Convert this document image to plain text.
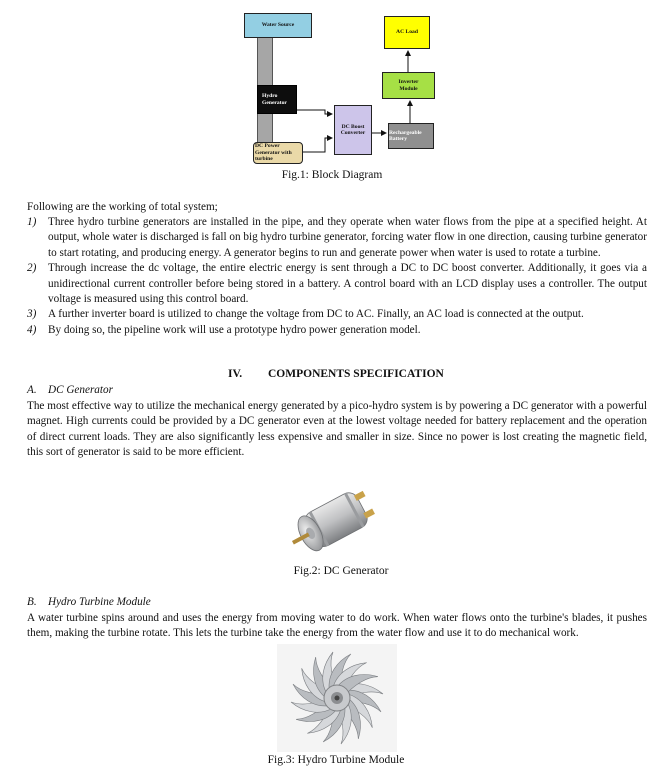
Water Source
Hydro Generator
DC Power Generator with turbine
DC Boost Converter
AC Load
Inverter Module
Rechargeable Battery
Fig.1: Block Diagram
Following are the working of total system;
1) Three hydro turbine generators are installed in the pipe, and they operate when water flows from the pipe at a specified height. At output, whole water is discharged is fall on big hydro turbine generator, forcing water flow in one direction, causing turbine generator to start rotating, and producing energy. A generator begins to run and generate power when water is used to rotate a turbine.
2) Through increase the dc voltage, the entire electric energy is sent through a DC to DC boost converter. Additionally, it goes via a unidirectional current controller before being stored in a battery. A control board with an LCD display uses a controller. The output voltage is measured using this control board.
3) A further inverter board is utilized to change the voltage from DC to AC. Finally, an AC load is connected at the output.
4) By doing so, the pipeline work will use a prototype hydro power generation model.
IV. COMPONENTS SPECIFICATION
A. DC Generator
The most effective way to utilize the mechanical energy generated by a pico-hydro system is by powering a DC generator with a powerful magnet. High currents could be provided by a DC generator even at the lowest voltage needed for battery replacement and the operation of direct current loads. They are also significantly less expensive and smaller in size. Since no power is lost creating the magnetic field, this sort of generator is said to be more efficient.
Fig.2: DC Generator
B. Hydro Turbine Module
A water turbine spins around and uses the energy from moving water to do work. When water flows onto the turbine's blades, it pushes them, making the turbine rotate. This lets the turbine take the energy from the water flow and use it to do mechanical work.
Fig.3: Hydro Turbine Module
